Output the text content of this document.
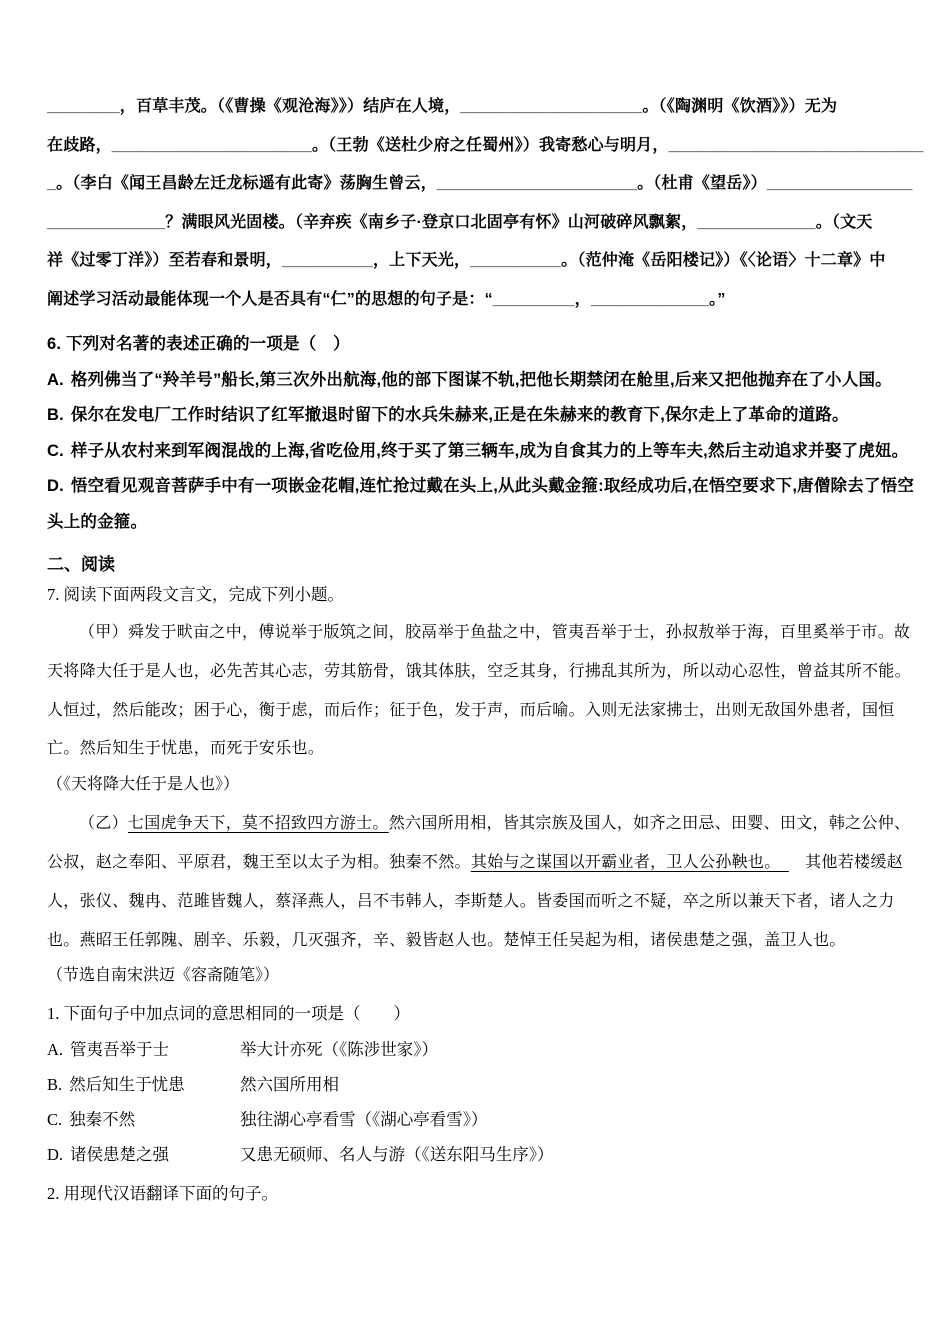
________，百草丰茂。（《曹操《观沧海》》）结庐在人境，____________________。（《陶渊明《饮酒》》）无为
在歧路，______________________。（王勃《送杜少府之任蜀州》）我寄愁心与明月，____________________________
_。（李白《闻王昌龄左迁龙标遥有此寄》荡胸生曾云，______________________。（杜甫《望岳》）________________
_____________？满眼风光固楼。（辛弃疾《南乡子·登京口北固亭有怀》山河破碎风飘絮，_____________。（文天
祥《过零丁洋》）至若春和景明，__________，上下天光，__________。（范仲淹《岳阳楼记》）《〈论语〉十二章》中
阐述学习活动最能体现一个人是否具有“仁”的思想的句子是：“_________，_____________。”

6. 下列对名著的表述正确的一项是（　）

A. 格列佛当了“羚羊号”船长,第三次外出航海,他的部下图谋不轨,把他长期禁闭在舱里,后来又把他抛弃在了小人国。

B. 保尔在发电厂工作时结识了红军撤退时留下的水兵朱赫来,正是在朱赫来的教育下,保尔走上了革命的道路。

C. 样子从农村来到军阀混战的上海,省吃俭用,终于买了第三辆车,成为自食其力的上等车夫,然后主动追求并娶了虎妞。

D. 悟空看见观音菩萨手中有一项嵌金花帽,连忙抢过戴在头上,从此头戴金箍:取经成功后,在悟空要求下,唐僧除去了悟空头上的金箍。

二、阅读

7. 阅读下面两段文言文，完成下列小题。

（甲）舜发于畎亩之中，傅说举于版筑之间，胶鬲举于鱼盐之中，管夷吾举于士，孙叔敖举于海，百里奚举于市。故天将降大任于是人也，必先苦其心志，劳其筋骨，饿其体肤，空乏其身，行拂乱其所为，所以动心忍性，曾益其所不能。人恒过，然后能改；困于心，衡于虑，而后作；征于色，发于声，而后喻。入则无法家拂士，出则无敌国外患者，国恒亡。然后知生于忧患，而死于安乐也。

（《天将降大任于是人也》）

（乙）七国虎争天下，莫不招致四方游士。然六国所用相，皆其宗族及国人，如齐之田忌、田婴、田文，韩之公仲、公叔，赵之奉阳、平原君，魏王至以太子为相。独秦不然。其始与之谋国以开霸业者，卫人公孙鞅也。　　其他若楼缓赵人，张仪、魏冉、范雎皆魏人，蔡泽燕人，吕不韦韩人，李斯楚人。皆委国而听之不疑，卒之所以兼天下者，诸人之力也。燕昭王任郭隗、剧辛、乐毅，几灭强齐，辛、毅皆赵人也。楚悼王任吴起为相，诸侯患楚之强，盖卫人也。

（节选自南宋洪迈《容斋随笔》）

1. 下面句子中加点词的意思相同的一项是（　　）

A. 管夷吾举于士	举大计亦死（《陈涉世家》）

B. 然后知生于忧患	然六国所用相

C. 独秦不然	独往湖心亭看雪（《湖心亭看雪》）

D. 诸侯患楚之强	又患无硕师、名人与游（《送东阳马生序》）

2. 用现代汉语翻译下面的句子。
